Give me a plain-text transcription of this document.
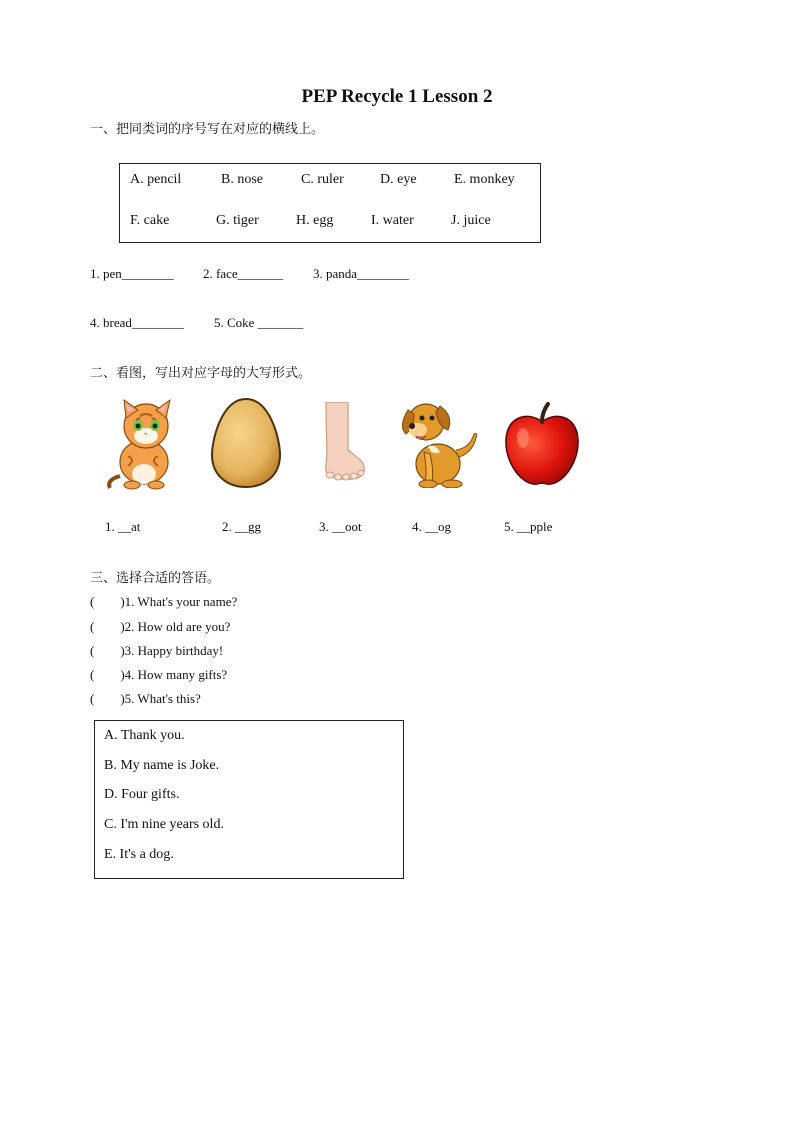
PEP Recycle 1 Lesson 2
一、把同类词的序号写在对应的横线上。
A. pencil	B. nose	C. ruler	D. eye	E. monkey
F. cake	G. tiger	H. egg	I. water	J. juice
1. pen________ 2. face_______ 3. panda________
4. bread________ 5. Coke _______
二、看图，写出对应字母的大写形式。
1. __at	2. __gg	3. __oot	4. __og	5. __pple
三、选择合适的答语。
(        )1. What's your name?
(        )2. How old are you?
(        )3. Happy birthday!
(        )4. How many gifts?
(        )5. What's this?
A. Thank you.
B. My name is Joke.
D. Four gifts.
C. I'm nine years old.
E. It's a dog.
